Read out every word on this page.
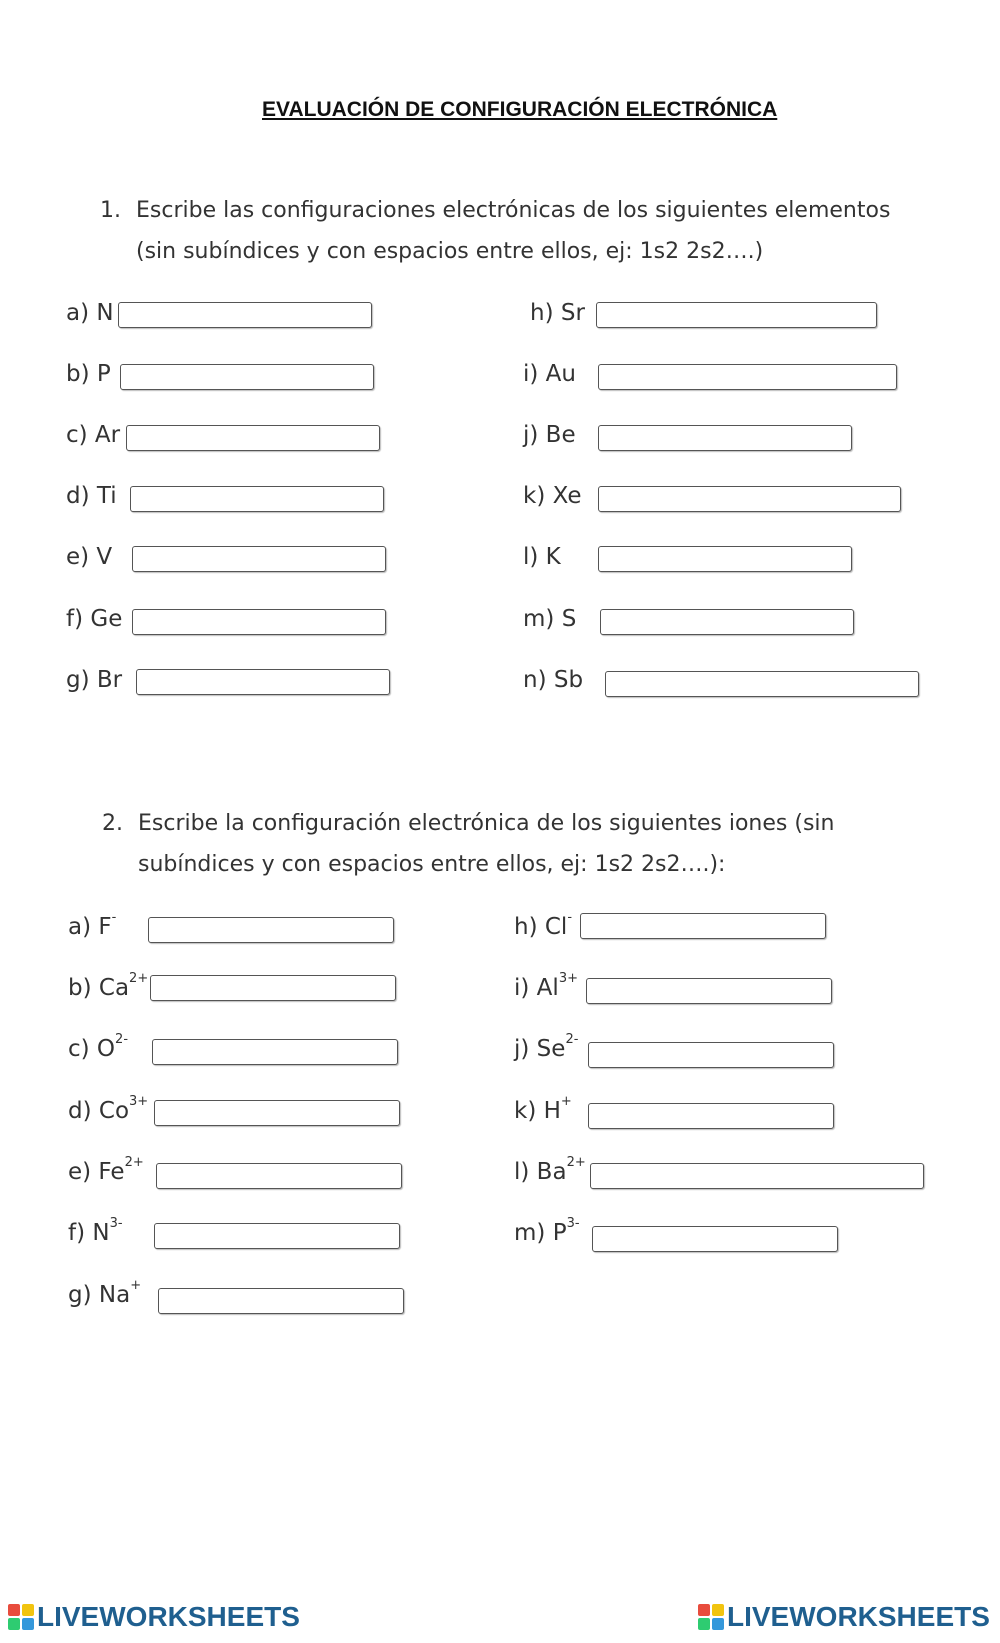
EVALUACIÓN DE CONFIGURACIÓN ELECTRÓNICA
1. Escribe las configuraciones electrónicas de los siguientes elementos
(sin subíndices y con espacios entre ellos, ej: 1s2 2s2….)
a) N
b) P
c) Ar
d) Ti
e) V
f) Ge
g) Br
h) Sr
i) Au
j) Be
k) Xe
l) K
m) S
n) Sb
2. Escribe la configuración electrónica de los siguientes iones (sin
subíndices y con espacios entre ellos, ej: 1s2 2s2….):
a) F-
b) $Ca^{2+}$
c) $O^{2-}$
d) $Co^{3+}$
e) $Fe^{2+}$
f) $N^{3-}$
g) Na+
h) Cl-
i) $Al^{3+}$
j) $Se^{2-}$
k) H+
l) $Ba^{2+}$
m) $P^{3-}$
LIVEWORKSHEETS	LIVEWORKSHEETS
